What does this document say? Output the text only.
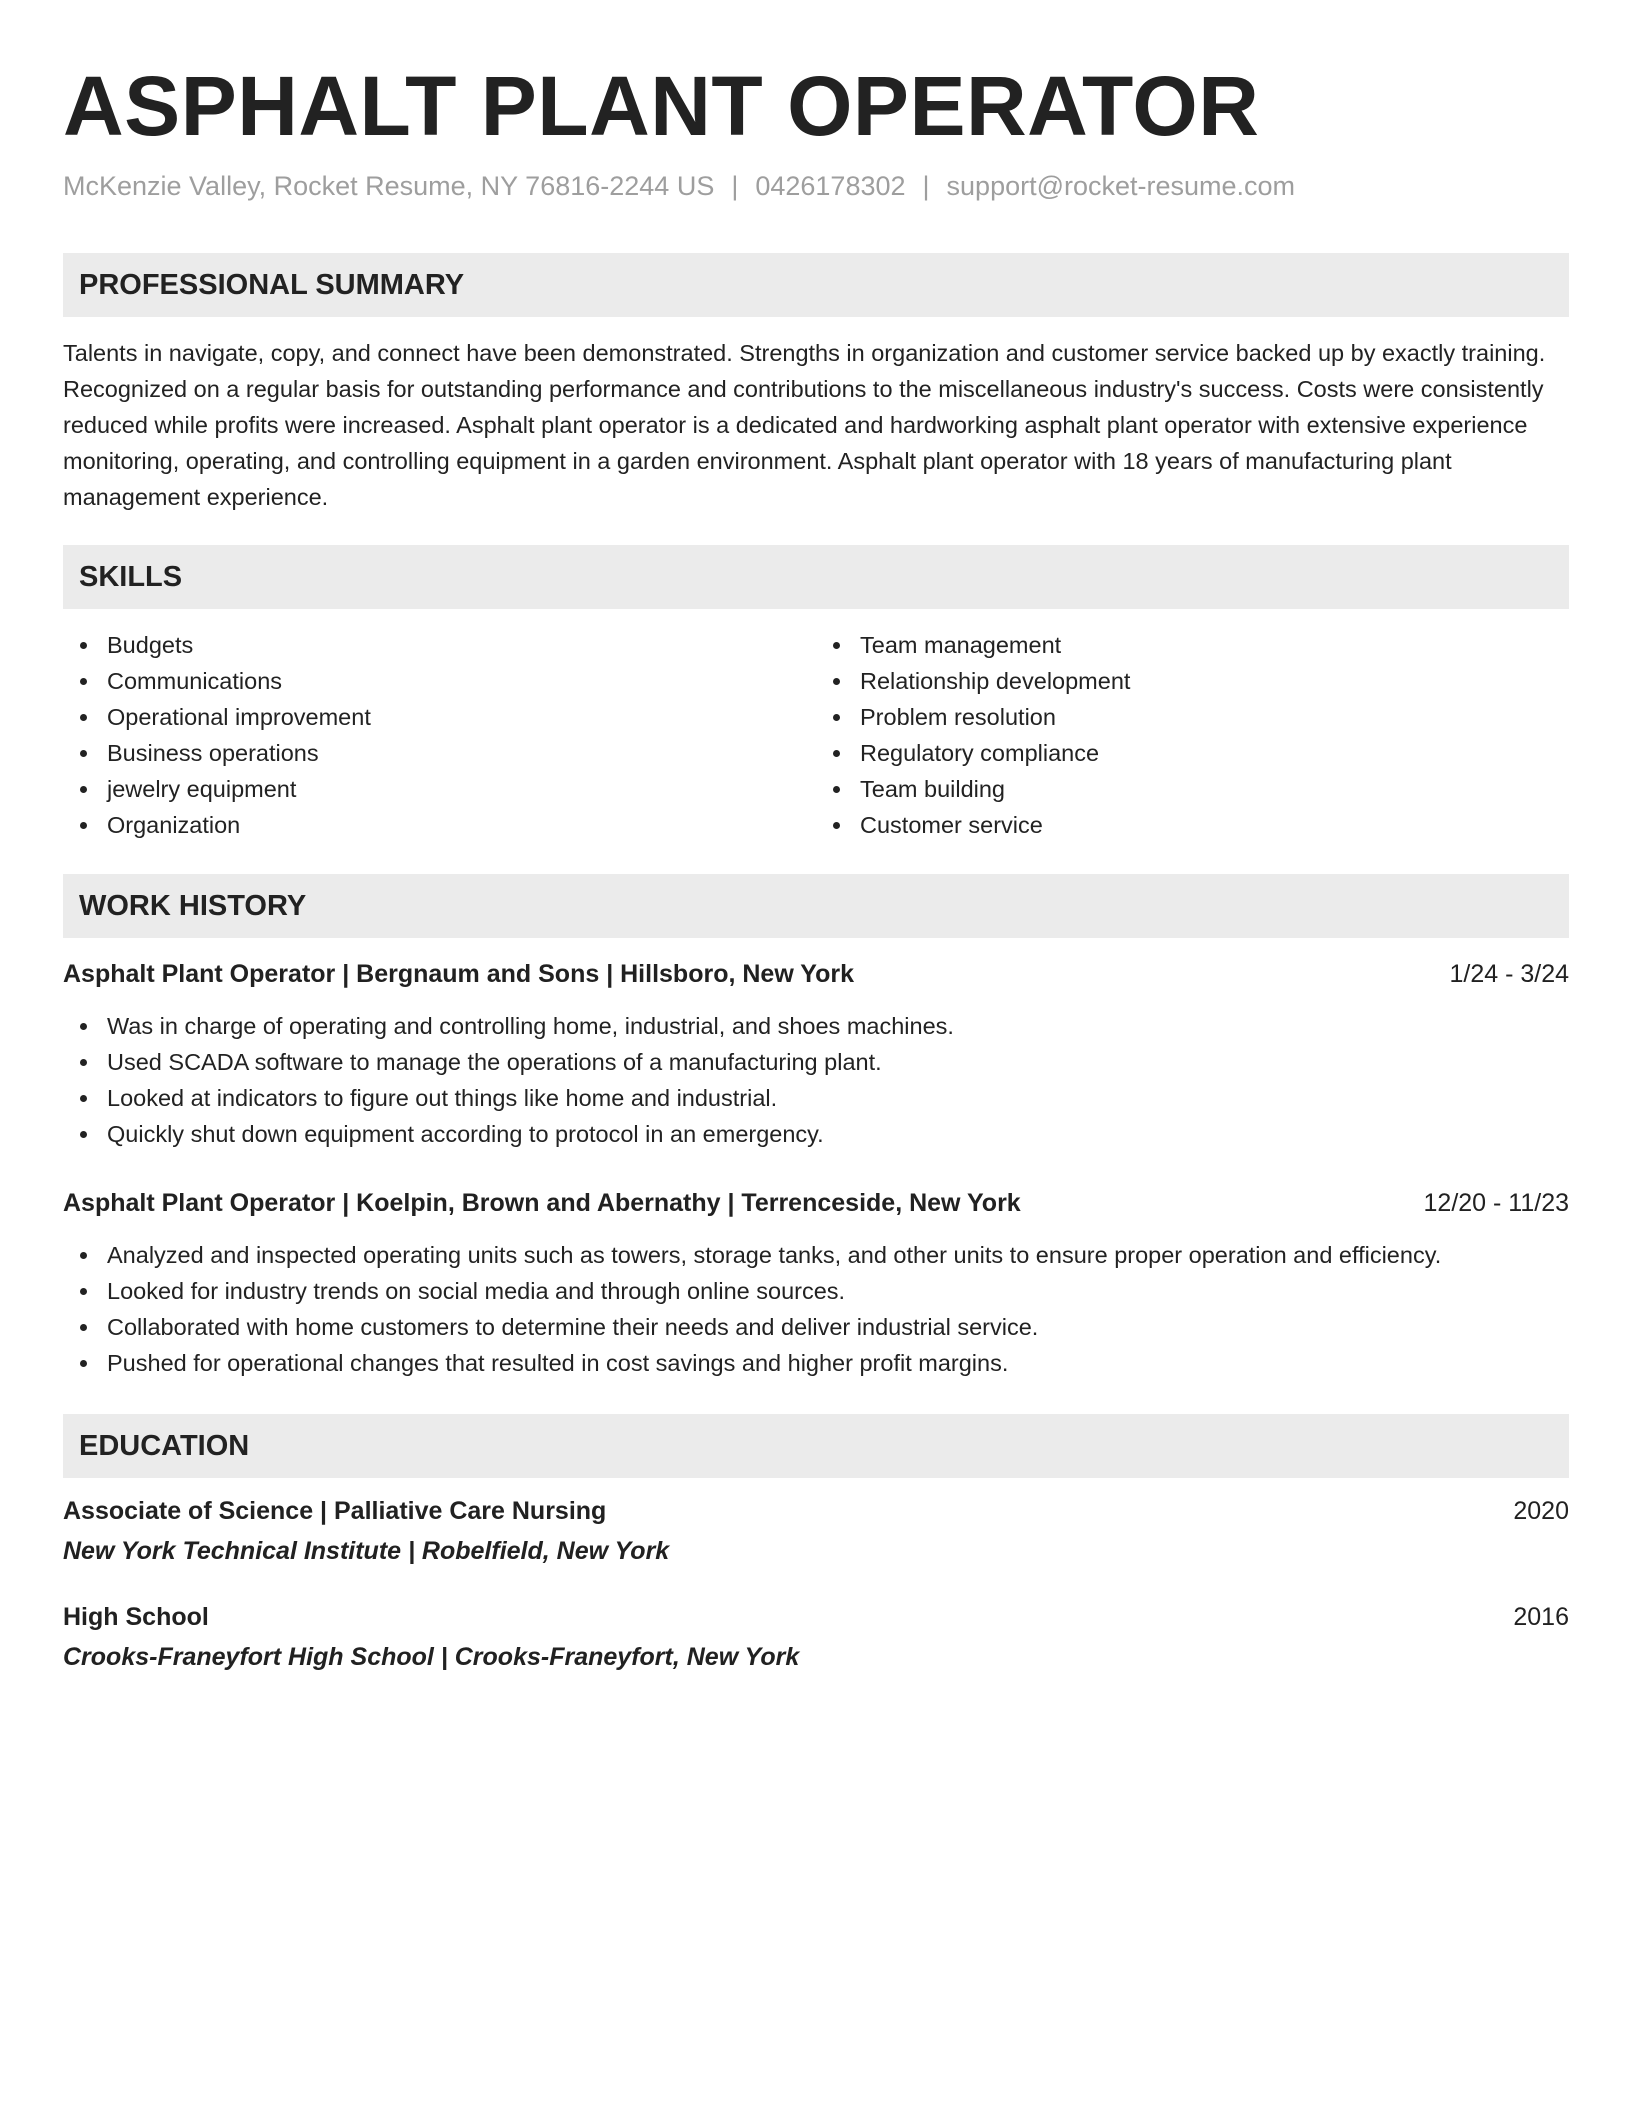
ASPHALT PLANT OPERATOR
McKenzie Valley, Rocket Resume, NY 76816-2244 US | 0426178302 | support@rocket-resume.com
PROFESSIONAL SUMMARY

Talents in navigate, copy, and connect have been demonstrated. Strengths in organization and customer service backed up by exactly training. Recognized on a regular basis for outstanding performance and contributions to the miscellaneous industry's success. Costs were consistently reduced while profits were increased. Asphalt plant operator is a dedicated and hardworking asphalt plant operator with extensive experience monitoring, operating, and controlling equipment in a garden environment. Asphalt plant operator with 18 years of manufacturing plant management experience.

SKILLS
Budgets
Communications
Operational improvement
Business operations
jewelry equipment
Organization
Team management
Relationship development
Problem resolution
Regulatory compliance
Team building
Customer service
WORK HISTORY
Asphalt Plant Operator | Bergnaum and Sons | Hillsboro, New York	1/24 - 3/24
Was in charge of operating and controlling home, industrial, and shoes machines.
Used SCADA software to manage the operations of a manufacturing plant.
Looked at indicators to figure out things like home and industrial.
Quickly shut down equipment according to protocol in an emergency.
Asphalt Plant Operator | Koelpin, Brown and Abernathy | Terrenceside, New York	12/20 - 11/23
Analyzed and inspected operating units such as towers, storage tanks, and other units to ensure proper operation and efficiency.
Looked for industry trends on social media and through online sources.
Collaborated with home customers to determine their needs and deliver industrial service.
Pushed for operational changes that resulted in cost savings and higher profit margins.
EDUCATION
Associate of Science | Palliative Care Nursing	2020
New York Technical Institute | Robelfield, New York
High School	2016
Crooks-Franeyfort High School | Crooks-Franeyfort, New York
